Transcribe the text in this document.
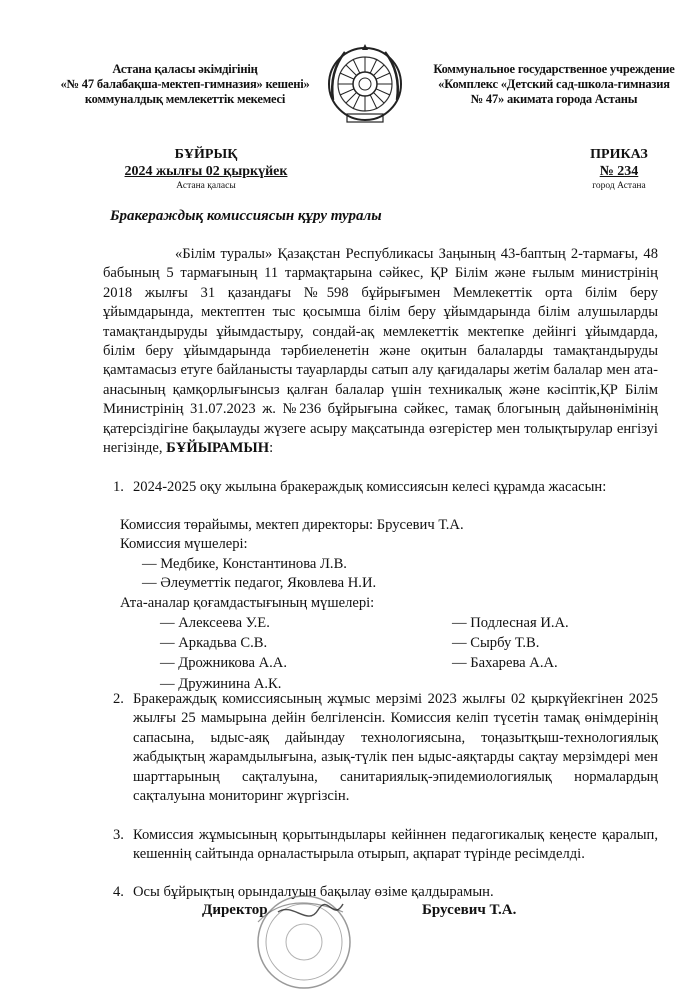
Астана қаласы әкімдігінің
«№ 47 балабақша-мектеп-гимназия» кешені»
коммуналдық мемлекеттік мекемесі
Коммунальное государственное учреждение
«Комплекс «Детский сад-школа-гимназия
№ 47» акимата города Астаны
БҰЙРЫҚ
2024 жылғы 02 қыркүйек
Астана қаласы
ПРИКАЗ
№ 234
город Астана
Бракераждық комиссиясын құру туралы
«Білім туралы» Қазақстан Республикасы Заңының 43-баптың 2-тармағы, 48 бабының 5 тармағының 11 тармақтарына сәйкес, ҚР Білім және ғылым министрінің 2018 жылғы 31 қазандағы №598 бұйрығымен Мемлекеттік орта білім беру ұйымдарында, мектептен тыс қосымша білім беру ұйымдарында білім алушыларды тамақтандыруды ұйымдастыру, сондай-ақ мемлекеттік мектепке дейінгі ұйымдарда, білім беру ұйымдарында тәрбиеленетін және оқитын балаларды тамақтандыруды қамтамасыз етуге байланысты тауарларды сатып алу қағидалары жетім балалар мен ата-анасының қамқорлығынсыз қалған балалар үшін техникалық және кәсіптік,ҚР Білім Министрінің 31.07.2023 ж. №236 бұйрығына сәйкес, тамақ блогының дайынөнімінің қатерсіздігіне бақылауды жүзеге асыру мақсатында өзгерістер мен толықтырулар енгізуі негізінде, БҰЙЫРАМЫН:
1. 2024-2025 оқу жылына бракераждық комиссиясын келесі құрамда жасасын:
Комиссия төрайымы, мектеп директоры: Брусевич Т.А.
Комиссия мүшелері:
— Медбике, Константинова Л.В.
— Әлеуметтік педагог, Яковлева Н.И.
Ата-аналар қоғамдастығының мүшелері:
— Алексеева У.Е.
— Аркадьва С.В.
— Дрожникова А.А.
— Дружинина А.К.
— Подлесная И.А.
— Сырбу Т.В.
— Бахарева А.А.
2. Бракераждық комиссиясының жұмыс мерзімі 2023 жылғы 02 қыркүйекгінен 2025 жылғы 25 мамырына дейін белгіленсін. Комиссия келіп түсетін тамақ өнімдерінің сапасына, ыдыс-аяқ дайындау технологиясына, тоңазытқыш-технологиялық жабдықтың жарамдылығына, азық-түлік пен ыдыс-аяқтарды сақтау мерзімдері мен шарттарының сақталуына, санитариялық-эпидемиологиялық нормалардың сақталуына мониторинг жүргізсін.
3. Комиссия жұмысының қорытындылары кейіннен педагогикалық кеңесте қаралып, кешеннің сайтында орналастырыла отырып, ақпарат түрінде ресімделді.
4. Осы бұйрықтың орындалуын бақылау өзіме қалдырамын.
Директор	Брусевич Т.А.
